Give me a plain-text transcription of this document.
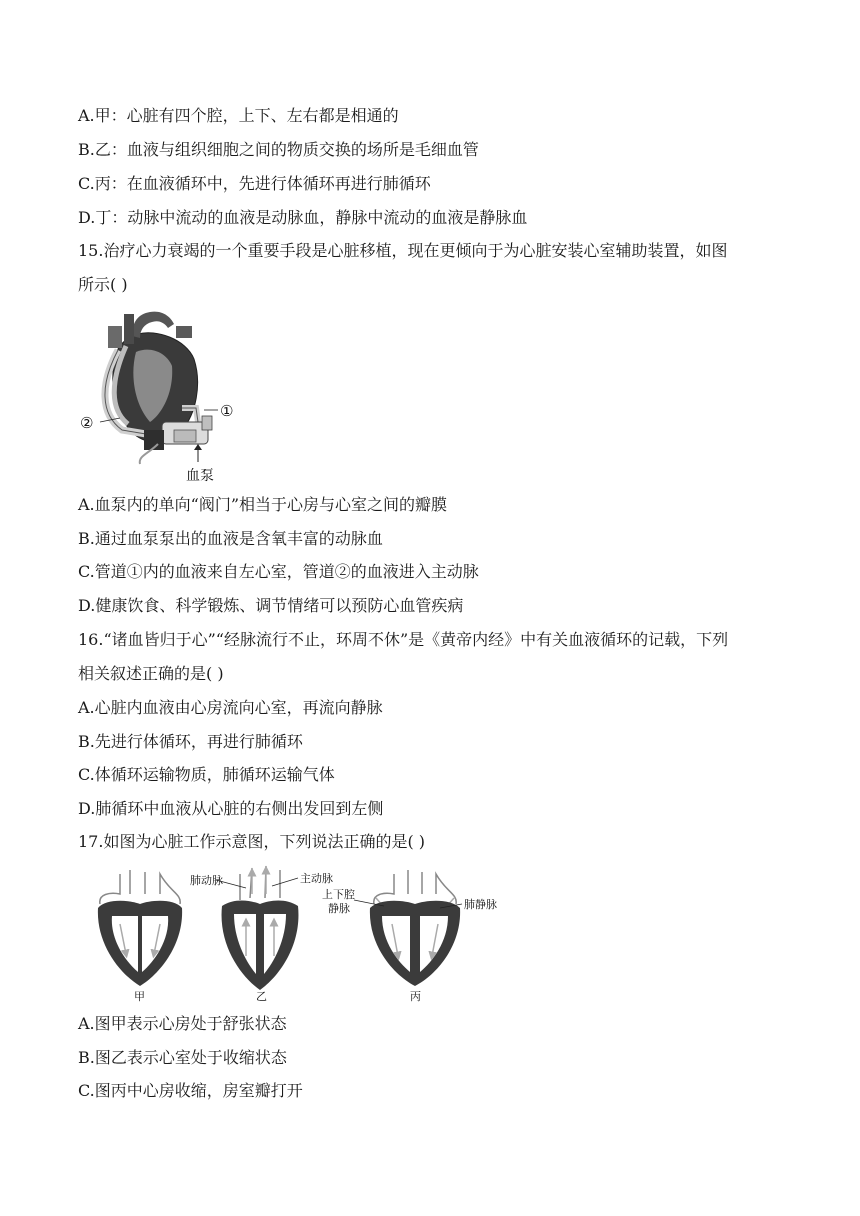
A.甲：心脏有四个腔，上下、左右都是相通的
B.乙：血液与组织细胞之间的物质交换的场所是毛细血管
C.丙：在血液循环中，先进行体循环再进行肺循环
D.丁：动脉中流动的血液是动脉血，静脉中流动的血液是静脉血
15.治疗心力衰竭的一个重要手段是心脏移植，现在更倾向于为心脏安装心室辅助装置，如图
所示( )
①
②
血泵
A.血泵内的单向“阀门”相当于心房与心室之间的瓣膜
B.通过血泵泵出的血液是含氧丰富的动脉血
C.管道①内的血液来自左心室，管道②的血液进入主动脉
D.健康饮食、科学锻炼、调节情绪可以预防心血管疾病
16.“诸血皆归于心”“经脉流行不止，环周不休”是《黄帝内经》中有关血液循环的记载，下列
相关叙述正确的是( )
A.心脏内血液由心房流向心室，再流向静脉
B.先进行体循环，再进行肺循环
C.体循环运输物质，肺循环运输气体
D.肺循环中血液从心脏的右侧出发回到左侧
17.如图为心脏工作示意图，下列说法正确的是( )
肺动脉	主动脉
上下腔
静脉	肺静脉
甲	乙	丙
A.图甲表示心房处于舒张状态
B.图乙表示心室处于收缩状态
C.图丙中心房收缩，房室瓣打开
